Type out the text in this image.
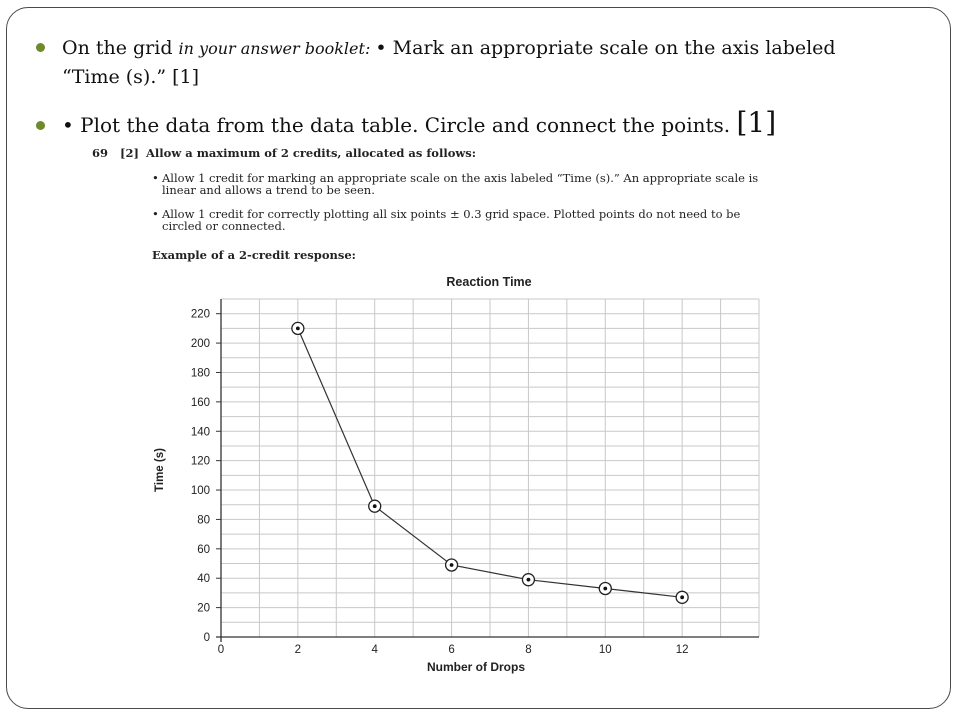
On the grid in your answer booklet: • Mark an appropriate scale on the axis labeled “Time (s).” [1]
• Plot the data from the data table. Circle and connect the points. [1]
69 [2] Allow a maximum of 2 credits, allocated as follows:
• Allow 1 credit for marking an appropriate scale on the axis labeled “Time (s).” An appropriate scale is linear and allows a trend to be seen.
• Allow 1 credit for correctly plotting all six points ± 0.3 grid space. Plotted points do not need to be circled or connected.
Example of a 2-credit response:
Reaction Time
Number of Drops
Time (s)
0	2	4	6	8	10	12
0
20
40
60
80
100
120
140
160
180
200
220
